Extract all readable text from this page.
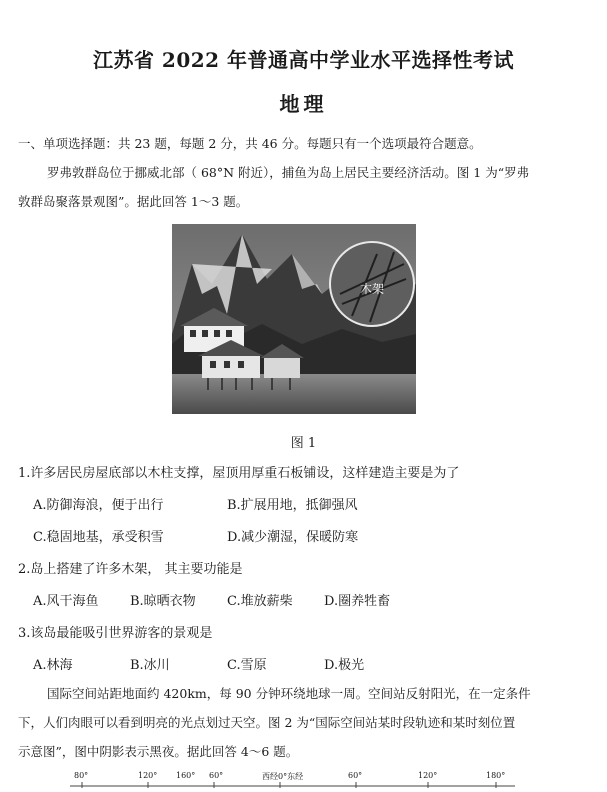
江苏省 2022 年普通高中学业水平选择性考试
地理
一、单项选择题：共 23 题，每题 2 分，共 46 分。每题只有一个选项最符合题意。
罗弗敦群岛位于挪威北部（ 68°N 附近），捕鱼为岛上居民主要经济活动。图 1 为“罗弗
敦群岛聚落景观图”。据此回答 1～3 题。
木架
图 1
1.许多居民房屋底部以木柱支撑，屋顶用厚重石板铺设，这样建造主要是为了
A.防御海浪，便于出行	B.扩展用地，抵御强风
C.稳固地基，承受积雪	D.减少潮湿，保暖防寒
2.岛上搭建了许多木架， 其主要功能是
A.风干海鱼 B.晾晒衣物 C.堆放薪柴 D.圈养牲畜
3.该岛最能吸引世界游客的景观是
A.林海	B.冰川	C.雪原	D.极光
国际空间站距地面约 420km，每 90 分钟环绕地球一周。空间站反射阳光，在一定条件
下，人们肉眼可以看到明亮的光点划过天空。图 2 为“国际空间站某时段轨迹和某时刻位置
示意图”，图中阴影表示黑夜。据此回答 4～6 题。
80°	120° 160° 60°	西经0°东经	60°	120°	180°
